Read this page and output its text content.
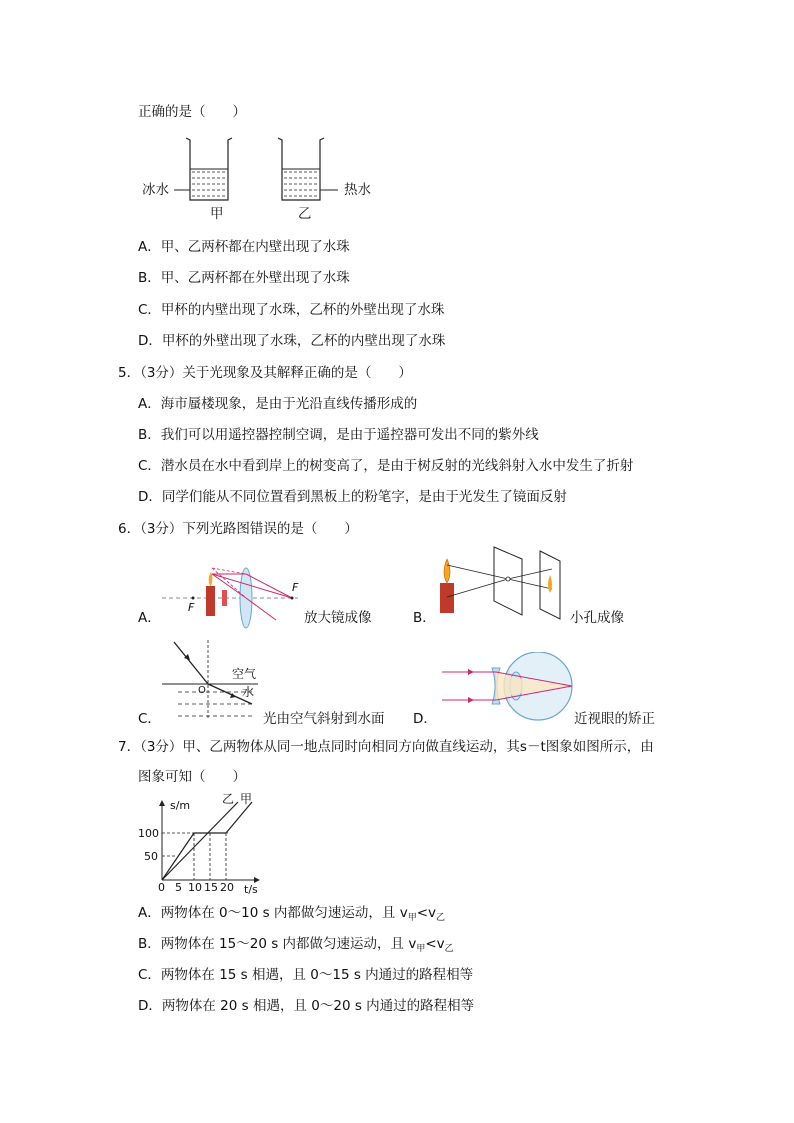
正确的是（　　）
冰水	热水
甲	乙
A．甲、乙两杯都在内壁出现了水珠
B．甲、乙两杯都在外壁出现了水珠
C．甲杯的内壁出现了水珠，乙杯的外壁出现了水珠
D．甲杯的外壁出现了水珠，乙杯的内壁出现了水珠
5．（3分）关于光现象及其解释正确的是（　　）
A．海市蜃楼现象，是由于光沿直线传播形成的
B．我们可以用遥控器控制空调，是由于遥控器可发出不同的紫外线
C．潜水员在水中看到岸上的树变高了，是由于树反射的光线斜射入水中发生了折射
D．同学们能从不同位置看到黑板上的粉笔字，是由于光发生了镜面反射
6．（3分）下列光路图错误的是（　　）
A．
F
F
放大镜成像	B．	小孔成像
C．
空气
水
O
光由空气斜射到水面 D．	近视眼的矫正
7．（3分）甲、乙两物体从同一地点同时向相同方向做直线运动，其s－t图象如图所示，由
图象可知（　　）
s/m
t/s
乙 甲
100
50
0 5 10 15 20
A．两物体在 0～10 s 内都做匀速运动，且 $v_甲<v_乙$
B．两物体在 15～20 s 内都做匀速运动，且 $v_甲<v_乙$
C．两物体在 15 s 相遇，且 0～15 s 内通过的路程相等
D．两物体在 20 s 相遇，且 0～20 s 内通过的路程相等
